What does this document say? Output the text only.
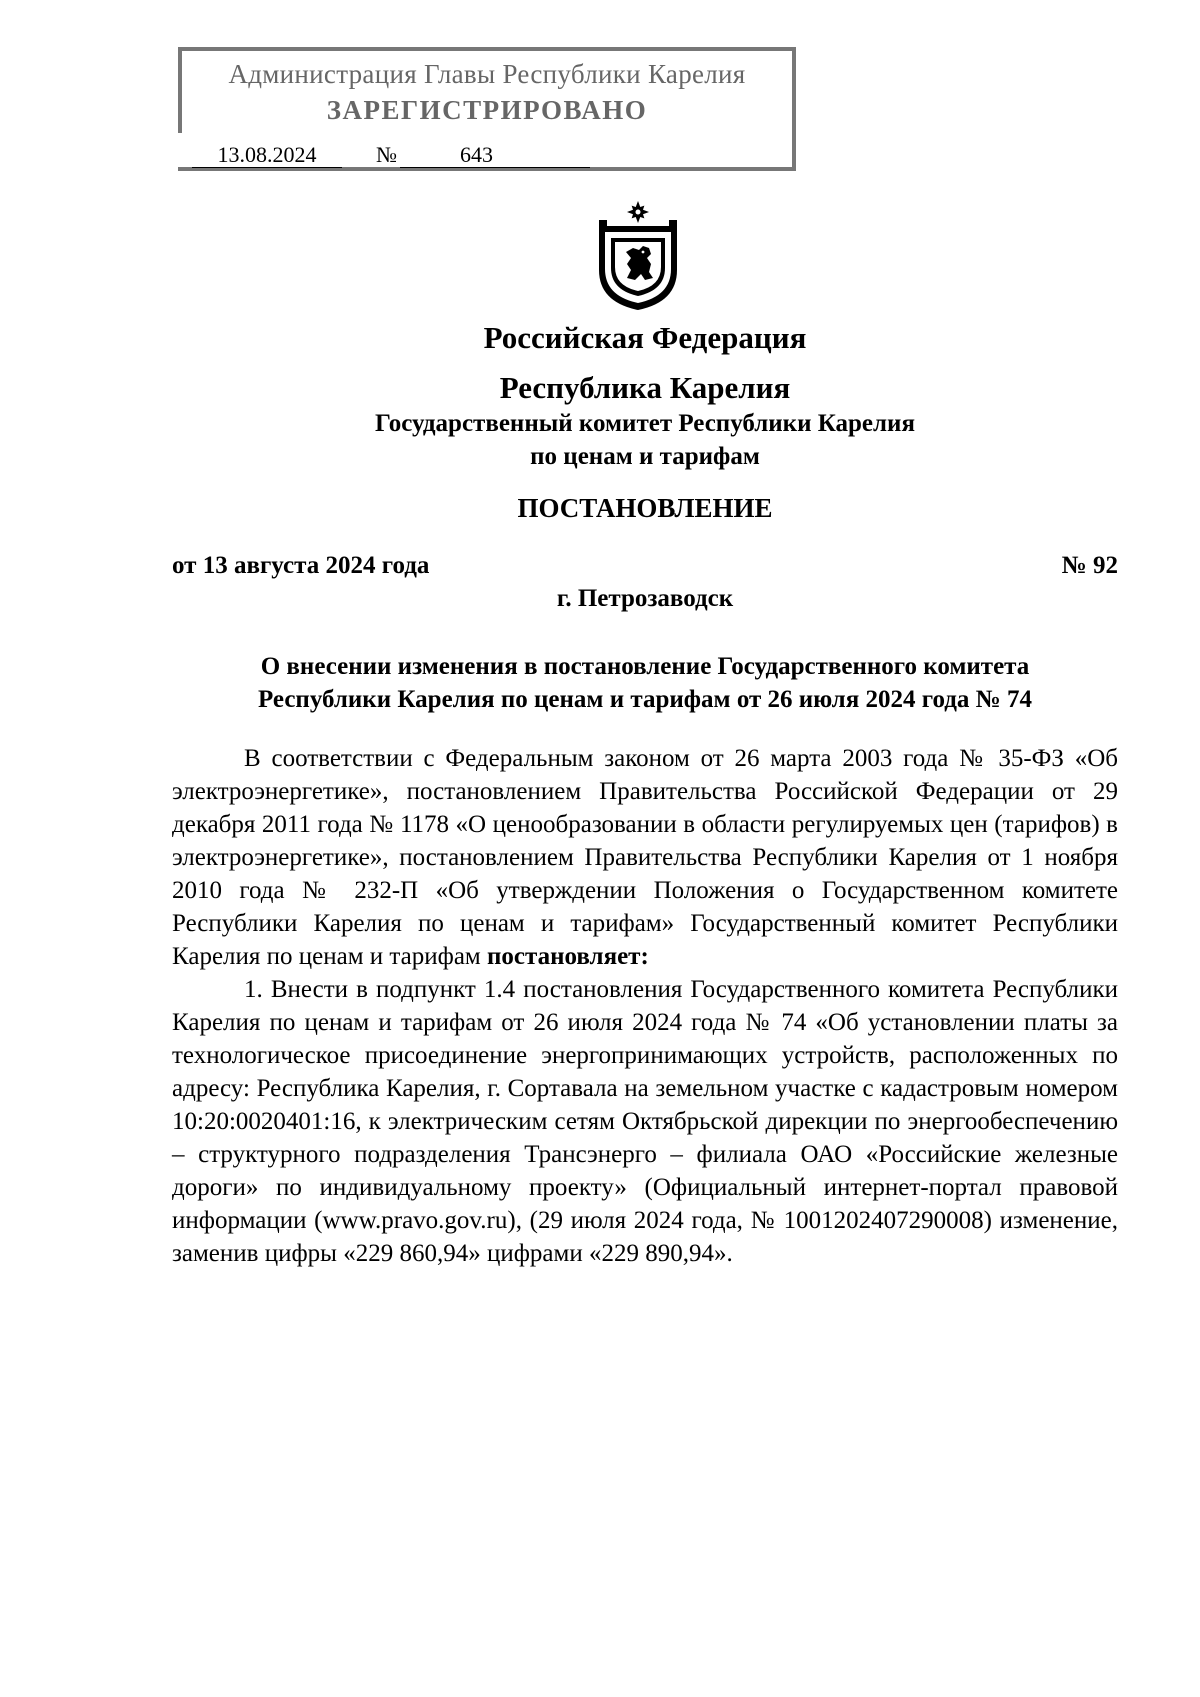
Администрация Главы Республики Карелия
ЗАРЕГИСТРИРОВАНО
13.08.2024	№	643
Российская Федерация
Республика Карелия
Государственный комитет Республики Карелия
по ценам и тарифам
ПОСТАНОВЛЕНИЕ
от 13 августа 2024 года	№ 92
г. Петрозаводск
О внесении изменения в постановление Государственного комитета
Республики Карелия по ценам и тарифам от 26 июля 2024 года № 74

В соответствии с Федеральным законом от 26 марта 2003 года № 35-ФЗ «Об электроэнергетике», постановлением Правительства Российской Федерации от 29 декабря 2011 года № 1178 «О ценообразовании в области регулируемых цен (тарифов) в электроэнергетике», постановлением Правительства Республики Карелия от 1 ноября 2010 года № 232-П «Об утверждении Положения о Государственном комитете Республики Карелия по ценам и тарифам» Государственный комитет Республики Карелия по ценам и тарифам постановляет:

1. Внести в подпункт 1.4 постановления Государственного комитета Республики Карелия по ценам и тарифам от 26 июля 2024 года № 74 «Об установлении платы за технологическое присоединение энергопринимающих устройств, расположенных по адресу: Республика Карелия, г. Сортавала на земельном участке с кадастровым номером 10:20:0020401:16, к электрическим сетям Октябрьской дирекции по энергообеспечению – структурного подразделения Трансэнерго – филиала ОАО «Российские железные дороги» по индивидуальному проекту» (Официальный интернет-портал правовой информации (www.pravo.gov.ru), (29 июля 2024 года, № 1001202407290008) изменение, заменив цифры «229 860,94» цифрами «229 890,94».
